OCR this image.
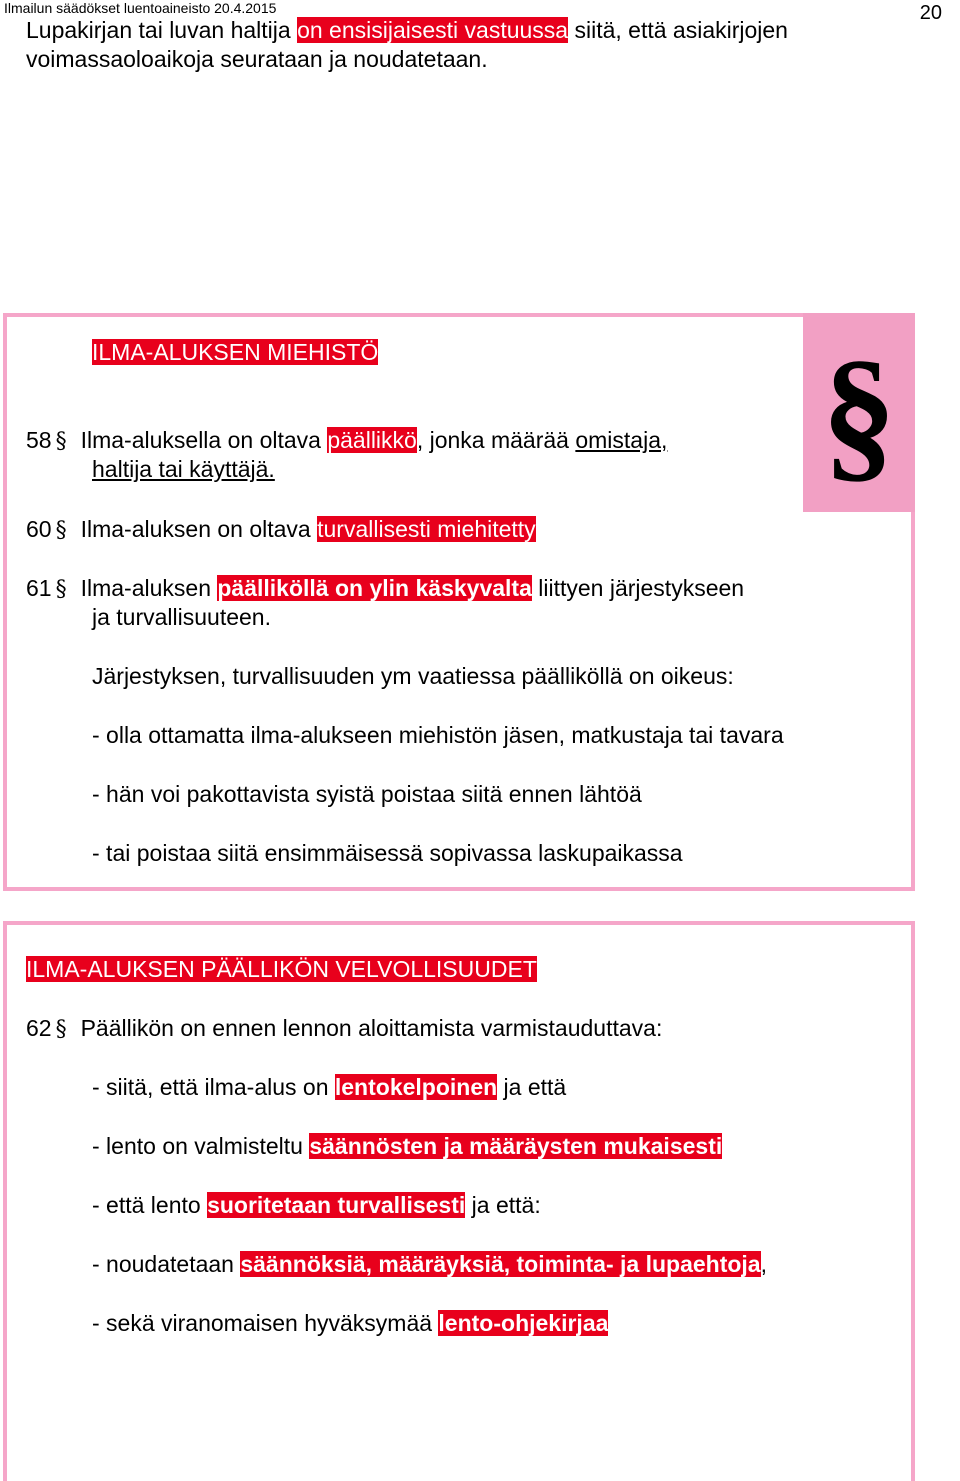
Ilmailun säädökset luentoaineisto 20.4.2015	20
Lupakirjan tai luvan haltija on ensisijaisesti vastuussa siitä, että asiakirjojen voimassaoloaikoja seurataan ja noudatetaan.
§
ILMA-ALUKSEN MIEHISTÖ
58 § Ilma-aluksella on oltava päällikkö, jonka määrää omistaja,
haltija tai käyttäjä.
60 § Ilma-aluksen on oltava turvallisesti miehitetty
61 § Ilma-aluksen päälliköllä on ylin käskyvalta liittyen järjestykseen
ja turvallisuuteen.
Järjestyksen, turvallisuuden ym vaatiessa päälliköllä on oikeus:
- olla ottamatta ilma-alukseen miehistön jäsen, matkustaja tai tavara
- hän voi pakottavista syistä poistaa siitä ennen lähtöä
- tai poistaa siitä ensimmäisessä sopivassa laskupaikassa
ILMA-ALUKSEN PÄÄLLIKÖN VELVOLLISUUDET
62 § Päällikön on ennen lennon aloittamista varmistauduttava:
- siitä, että ilma-alus on lentokelpoinen ja että
- lento on valmisteltu säännösten ja määräysten mukaisesti
- että lento suoritetaan turvallisesti ja että:
- noudatetaan säännöksiä, määräyksiä, toiminta- ja lupaehtoja,
- sekä viranomaisen hyväksymää lento-ohjekirjaa
